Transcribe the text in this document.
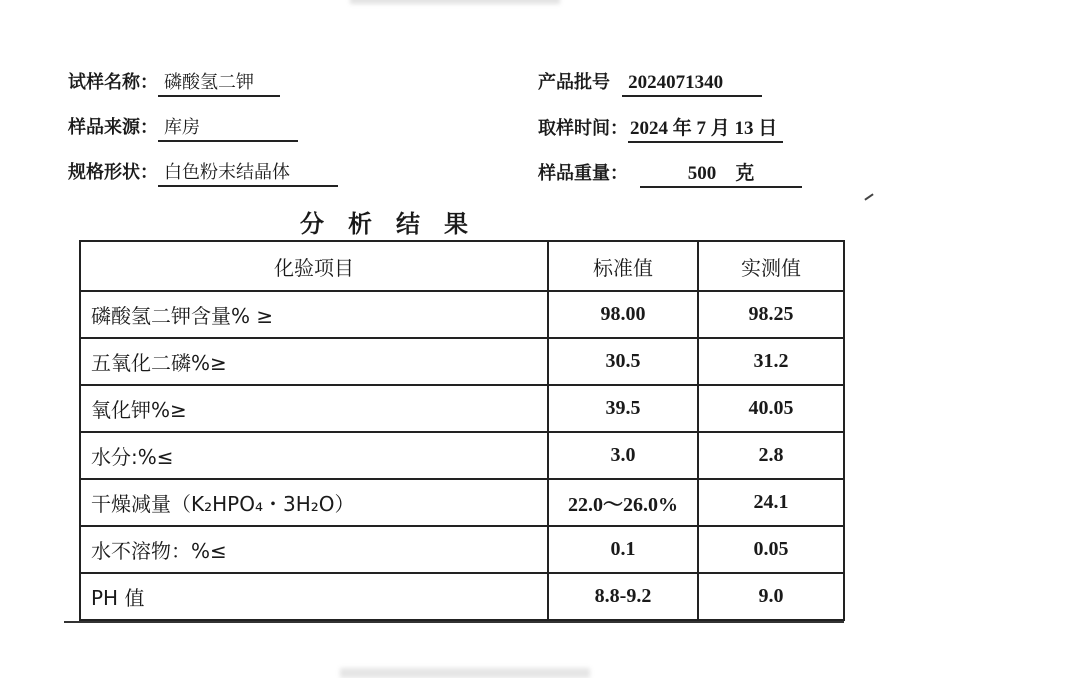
试样名称： 磷酸氢二钾	产品批号 2024071340
样品来源： 库房	取样时间： 2024 年 7 月 13 日
规格形状： 白色粉末结晶体	样品重量：	500　克
分析结果
化验项目	标准值	实测值
磷酸氢二钾含量% ≥	98.00	98.25
五氧化二磷%≥	30.5	31.2
氧化钾%≥	39.5	40.05
水分:%≤	3.0	2.8
干燥减量（K₂HPO₄・3H₂O）	22.0～26.0%	24.1
水不溶物：%≤	0.1	0.05
PH 值	8.8-9.2	9.0
